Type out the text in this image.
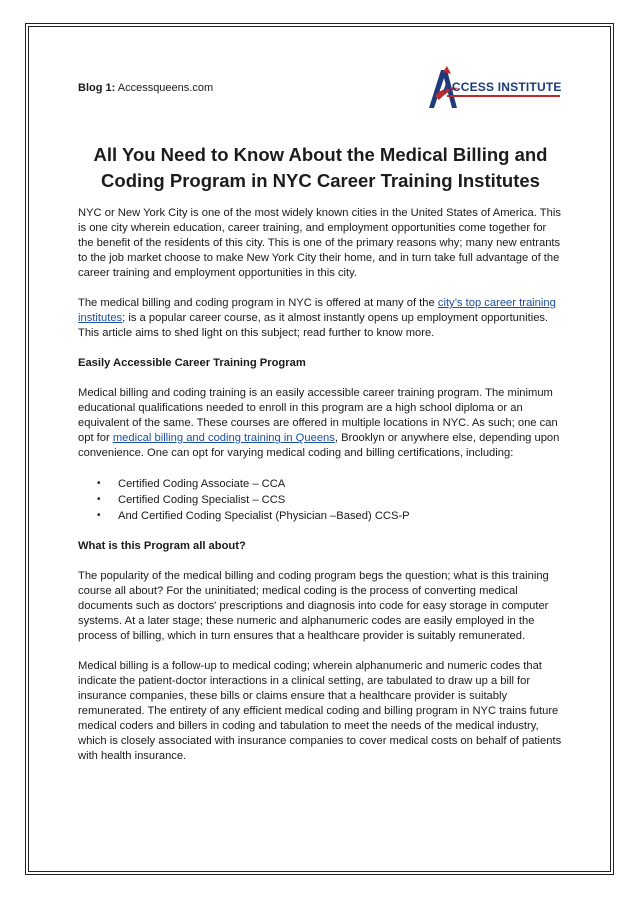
Blog 1: Accessqueens.com	ACCESS INSTITUTE
All You Need to Know About the Medical Billing and
Coding Program in NYC Career Training Institutes

NYC or New York City is one of the most widely known cities in the United States of America. This is one city wherein education, career training, and employment opportunities come together for the benefit of the residents of this city. This is one of the primary reasons why; many new entrants to the job market choose to make New York City their home, and in turn take full advantage of the career training and employment opportunities in this city.

The medical billing and coding program in NYC is offered at many of the city’s top career training institutes; is a popular career course, as it almost instantly opens up employment opportunities. This article aims to shed light on this subject; read further to know more.

Easily Accessible Career Training Program

Medical billing and coding training is an easily accessible career training program. The minimum educational qualifications needed to enroll in this program are a high school diploma or an equivalent of the same. These courses are offered in multiple locations in NYC. As such; one can opt for medical billing and coding training in Queens, Brooklyn or anywhere else, depending upon convenience. One can opt for varying medical coding and billing certifications, including:

• Certified Coding Associate – CCA
• Certified Coding Specialist – CCS
• And Certified Coding Specialist (Physician –Based) CCS-P
What is this Program all about?

The popularity of the medical billing and coding program begs the question; what is this training course all about? For the uninitiated; medical coding is the process of converting medical documents such as doctors' prescriptions and diagnosis into code for easy storage in computer systems. At a later stage; these numeric and alphanumeric codes are easily employed in the process of billing, which in turn ensures that a healthcare provider is suitably remunerated.

Medical billing is a follow-up to medical coding; wherein alphanumeric and numeric codes that indicate the patient-doctor interactions in a clinical setting, are tabulated to draw up a bill for insurance companies, these bills or claims ensure that a healthcare provider is suitably remunerated. The entirety of any efficient medical coding and billing program in NYC trains future medical coders and billers in coding and tabulation to meet the needs of the medical industry, which is closely associated with insurance companies to cover medical costs on behalf of patients with health insurance.
